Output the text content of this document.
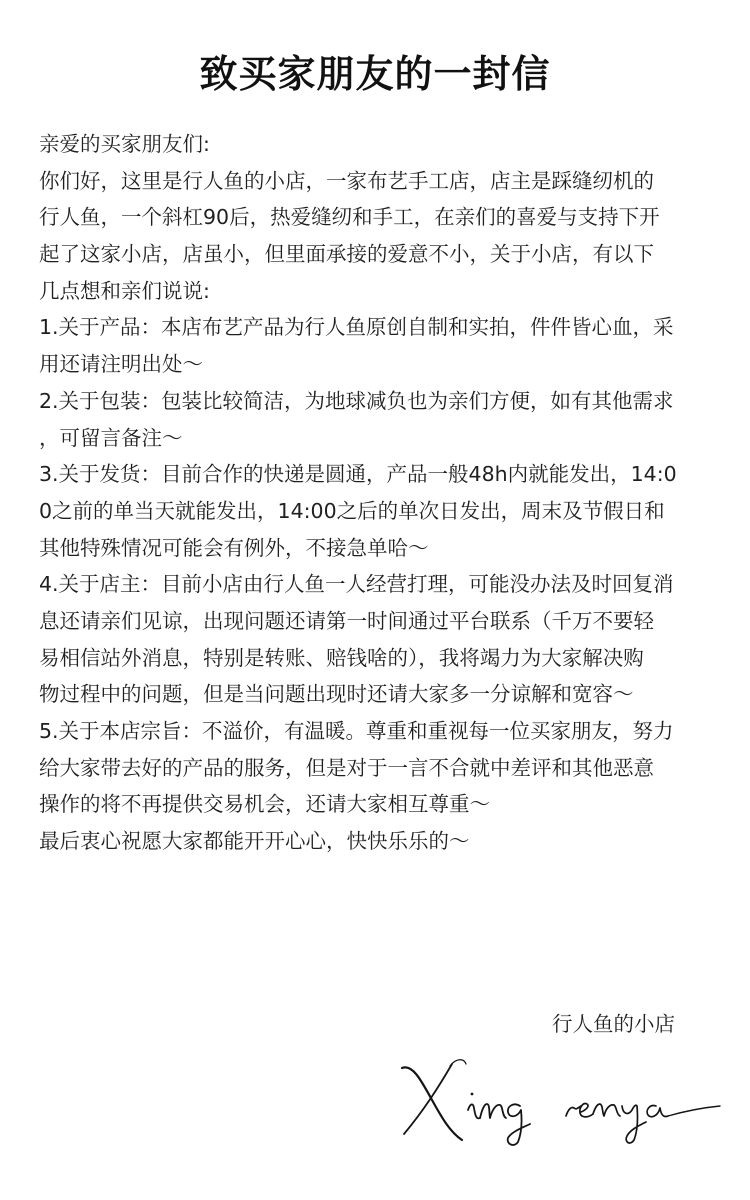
致买家朋友的一封信
亲爱的买家朋友们:
你们好，这里是行人鱼的小店，一家布艺手工店，店主是踩缝纫机的
行人鱼，一个斜杠90后，热爱缝纫和手工，在亲们的喜爱与支持下开
起了这家小店，店虽小，但里面承接的爱意不小，关于小店，有以下
几点想和亲们说说:
1.关于产品：本店布艺产品为行人鱼原创自制和实拍，件件皆心血，采
用还请注明出处～
2.关于包装：包装比较简洁，为地球减负也为亲们方便，如有其他需求
，可留言备注～
3.关于发货：目前合作的快递是圆通，产品一般48h内就能发出，14:0
0之前的单当天就能发出，14:00之后的单次日发出，周末及节假日和
其他特殊情况可能会有例外，不接急单哈～
4.关于店主：目前小店由行人鱼一人经营打理，可能没办法及时回复消
息还请亲们见谅，出现问题还请第一时间通过平台联系（千万不要轻
易相信站外消息，特别是转账、赔钱啥的），我将竭力为大家解决购
物过程中的问题，但是当问题出现时还请大家多一分谅解和宽容～
5.关于本店宗旨：不溢价，有温暖。尊重和重视每一位买家朋友，努力
给大家带去好的产品的服务，但是对于一言不合就中差评和其他恶意
操作的将不再提供交易机会，还请大家相互尊重～
最后衷心祝愿大家都能开开心心，快快乐乐的～
行人鱼的小店
